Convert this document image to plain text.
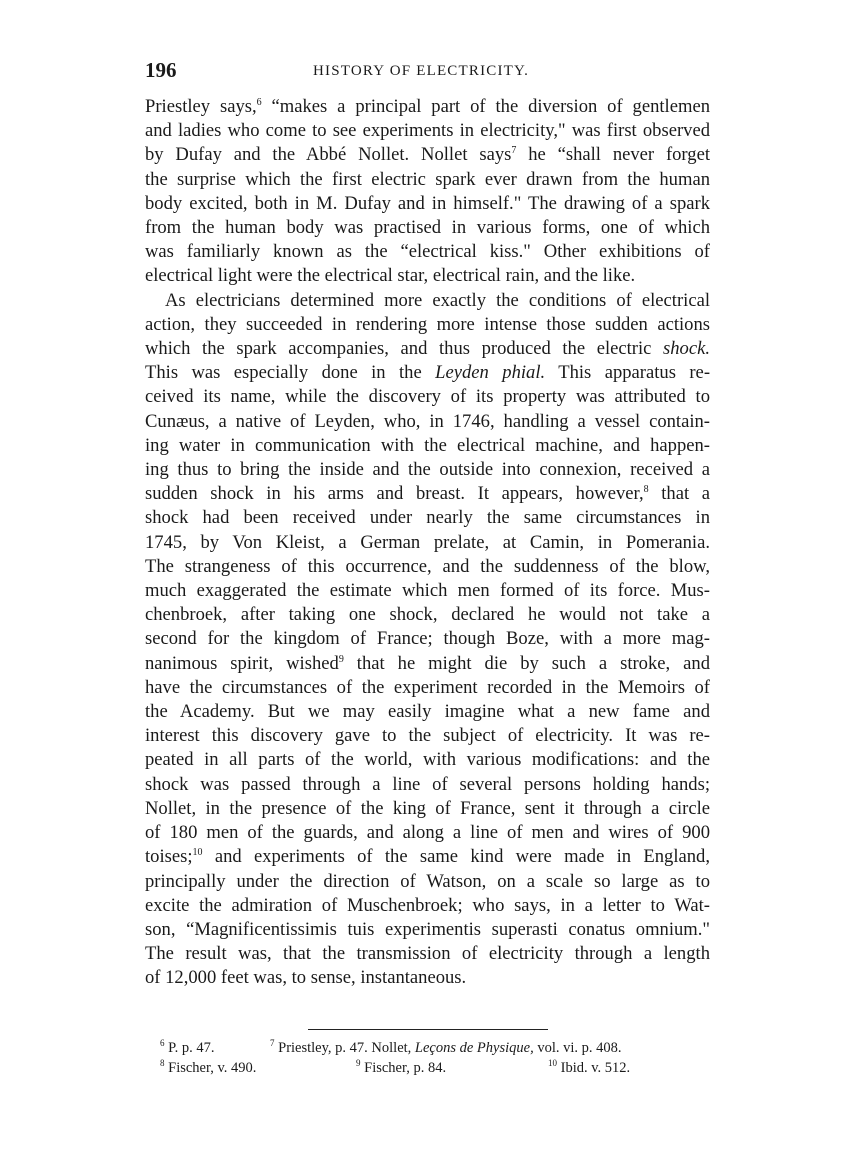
196	HISTORY OF ELECTRICITY.
Priestley says,$^6$ “makes a principal part of the diversion of gentlemen
and ladies who come to see experiments in electricity," was first observed
by Dufay and the Abbé Nollet. Nollet says$^7$ he “shall never forget
the surprise which the first electric spark ever drawn from the human
body excited, both in M. Dufay and in himself." The drawing of a spark
from the human body was practised in various forms, one of which
was familiarly known as the “electrical kiss." Other exhibitions of
electrical light were the electrical star, electrical rain, and the like.
As electricians determined more exactly the conditions of electrical
action, they succeeded in rendering more intense those sudden actions
which the spark accompanies, and thus produced the electric shock.
This was especially done in the Leyden phial. This apparatus re-
ceived its name, while the discovery of its property was attributed to
Cunæus, a native of Leyden, who, in 1746, handling a vessel contain-
ing water in communication with the electrical machine, and happen-
ing thus to bring the inside and the outside into connexion, received a
sudden shock in his arms and breast. It appears, however,$^8$ that a
shock had been received under nearly the same circumstances in
1745, by Von Kleist, a German prelate, at Camin, in Pomerania.
The strangeness of this occurrence, and the suddenness of the blow,
much exaggerated the estimate which men formed of its force. Mus-
chenbroek, after taking one shock, declared he would not take a
second for the kingdom of France; though Boze, with a more mag-
nanimous spirit, wished$^9$ that he might die by such a stroke, and
have the circumstances of the experiment recorded in the Memoirs of
the Academy. But we may easily imagine what a new fame and
interest this discovery gave to the subject of electricity. It was re-
peated in all parts of the world, with various modifications: and the
shock was passed through a line of several persons holding hands;
Nollet, in the presence of the king of France, sent it through a circle
of 180 men of the guards, and along a line of men and wires of 900
toises;$^{10}$ and experiments of the same kind were made in England,
principally under the direction of Watson, on a scale so large as to
excite the admiration of Muschenbroek; who says, in a letter to Wat-
son, “Magnificentissimis tuis experimentis superasti conatus omnium."
The result was, that the transmission of electricity through a length
of 12,000 feet was, to sense, instantaneous.
$^6$ P. p. 47.	$^7$ Priestley, p. 47. Nollet, Leçons de Physique, vol. vi. p. 408.
$^8$ Fischer, v. 490.	$^9$ Fischer, p. 84.	$^{10}$ Ibid. v. 512.
